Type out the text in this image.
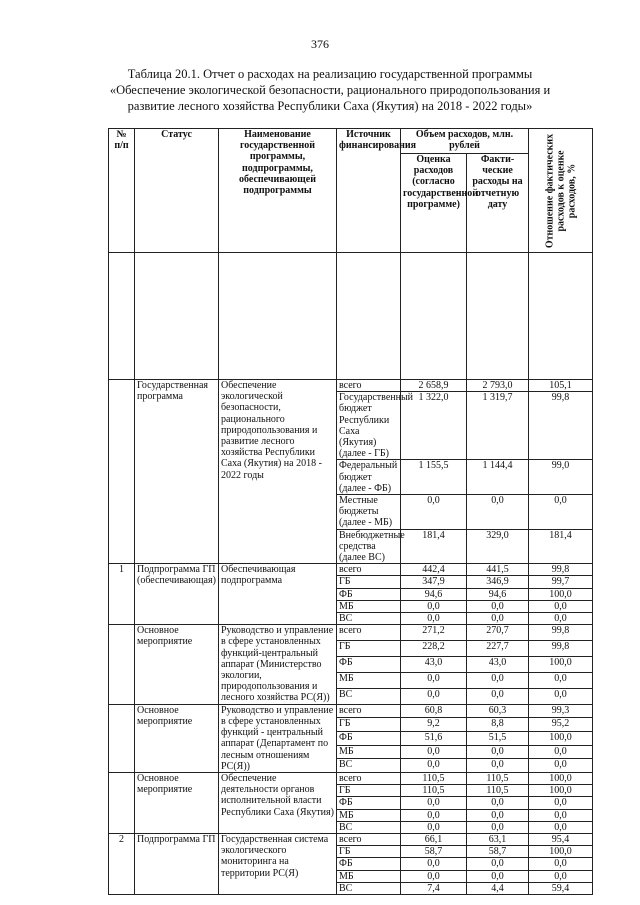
376
Таблица 20.1. Отчет о расходах на реализацию государственной программы
«Обеспечение экологической безопасности, рационального природопользования и
развитие лесного хозяйства Республики Саха (Якутия) на 2018 - 2022 годы»
№ п/п	Статус	Наименование государственной программы, подпрограммы, обеспечивающей подпрограммы	Источник финансирования	Объем расходов, млн. рублей		Отношение фактических расходов к оценке расходов, %

				Оценка расходов (согласно государственной программе)	Факти-ческие расходы на отчетную дату	

	Государственная программа	Обеспечение экологической безопасности, рационального природопользования и развитие лесного хозяйства Республики Саха (Якутия) на 2018 - 2022 годы	всего	2 658,9	2 793,0	105,1
			Государственный бюджет Республики Саха (Якутия) (далее - ГБ)	1 322,0	1 319,7	99,8
			Федеральный бюджет (далее - ФБ)	1 155,5	1 144,4	99,0
			Местные бюджеты (далее - МБ)	0,0	0,0	0,0
			Внебюджетные средства (далее ВС)	181,4	329,0	181,4
1	Подпрограмма ГП (обеспечивающая)	Обеспечивающая подпрограмма	всего	442,4	441,5	99,8
			ГБ	347,9	346,9	99,7
			ФБ	94,6	94,6	100,0
			МБ	0,0	0,0	0,0
			ВС	0,0	0,0	0,0
	Основное мероприятие	Руководство и управление в сфере установленных функций-центральный аппарат (Министерство экологии, природопользования и лесного хозяйства РС(Я))	всего	271,2	270,7	99,8
			ГБ	228,2	227,7	99,8
			ФБ	43,0	43,0	100,0
			МБ	0,0	0,0	0,0
			ВС	0,0	0,0	0,0
	Основное мероприятие	Руководство и управление в сфере установленных функций - центральный аппарат (Департамент по лесным отношениям РС(Я))	всего	60,8	60,3	99,3
			ГБ	9,2	8,8	95,2
			ФБ	51,6	51,5	100,0
			МБ	0,0	0,0	0,0
			ВС	0,0	0,0	0,0
	Основное мероприятие	Обеспечение деятельности органов исполнительной власти Республики Саха (Якутия)	всего	110,5	110,5	100,0
			ГБ	110,5	110,5	100,0
			ФБ	0,0	0,0	0,0
			МБ	0,0	0,0	0,0
			ВС	0,0	0,0	0,0
2	Подпрограмма ГП	Государственная система экологического мониторинга на территории РС(Я)	всего	66,1	63,1	95,4
			ГБ	58,7	58,7	100,0
			ФБ	0,0	0,0	0,0
			МБ	0,0	0,0	0,0
			ВС	7,4	4,4	59,4
